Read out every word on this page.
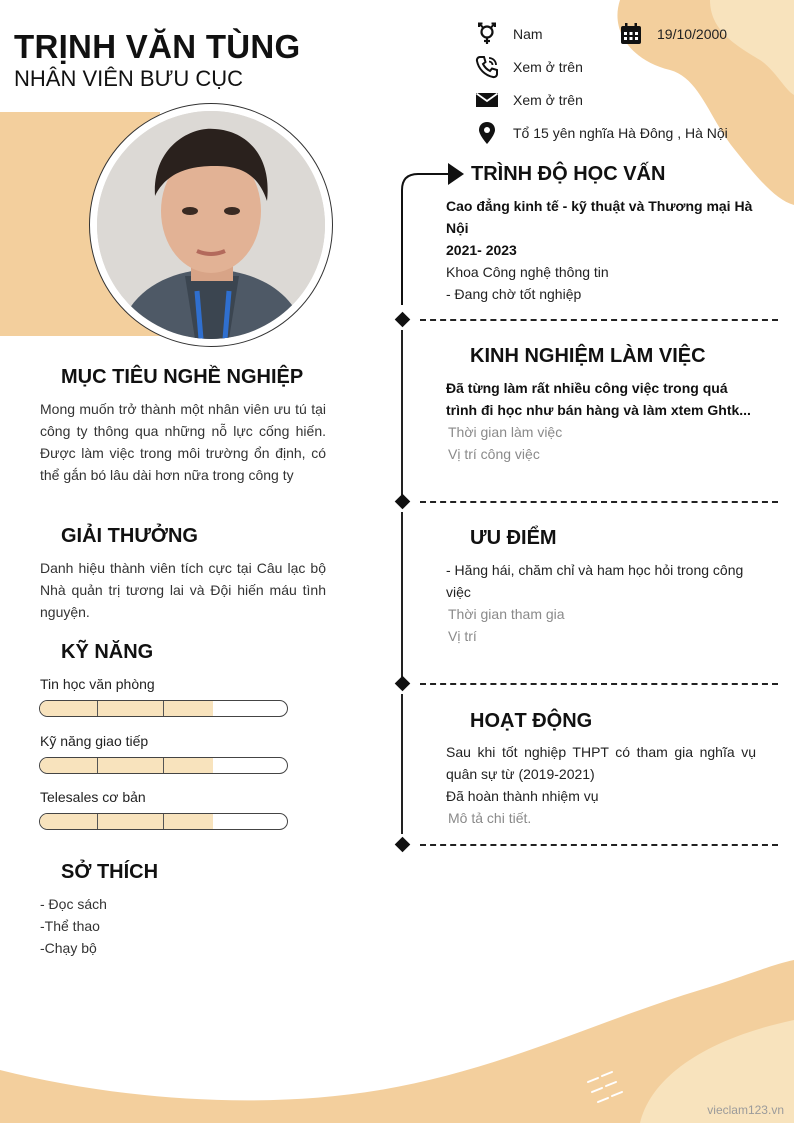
TRỊNH VĂN TÙNG
NHÂN VIÊN BƯU CỤC
Nam	19/10/2000
Xem ở trên
Xem ở trên
Tổ 15 yên nghĩa Hà Đông , Hà Nội
MỤC TIÊU NGHỀ NGHIỆP
Mong muốn trở thành một nhân viên ưu tú tại công ty thông qua những nỗ lực cống hiến. Được làm việc trong môi trường ổn định, có thể gắn bó lâu dài hơn nữa trong công ty
GIẢI THƯỞNG
Danh hiệu thành viên tích cực tại Câu lạc bộ Nhà quản trị tương lai và Đội hiến máu tình nguyện.
KỸ NĂNG
Tin học văn phòng
Kỹ năng giao tiếp
Telesales cơ bản
SỞ THÍCH
- Đọc sách
-Thể thao
-Chạy bộ
TRÌNH ĐỘ HỌC VẤN
Cao đẳng kinh tế - kỹ thuật và Thương mại Hà Nội
2021- 2023
Khoa Công nghệ thông tin
- Đang chờ tốt nghiệp
KINH NGHIỆM LÀM VIỆC
Đã từng làm rất nhiều công việc trong quá trình đi học như bán hàng và làm xtem Ghtk...
Thời gian làm việc
Vị trí công việc
ƯU ĐIỂM
- Hăng hái, chăm chỉ và ham học hỏi trong công việc
Thời gian tham gia
Vị trí
HOẠT ĐỘNG
Sau khi tốt nghiệp THPT có tham gia nghĩa vụ quân sự từ (2019-2021)
Đã hoàn thành nhiệm vụ
Mô tả chi tiết.
vieclam123.vn
